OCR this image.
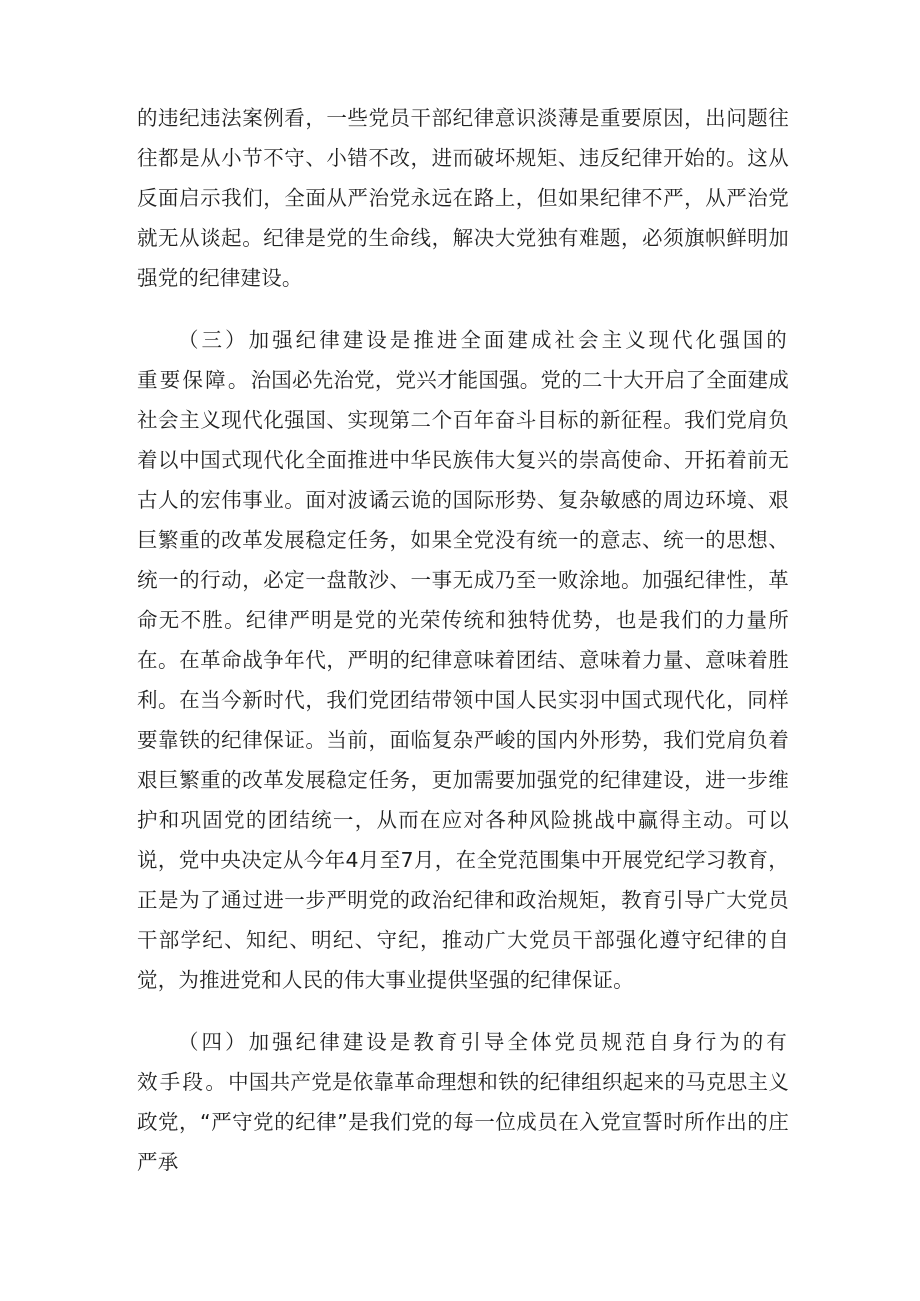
的违纪违法案例看，一些党员干部纪律意识淡薄是重要原因，出问题往往都是从小节不守、小错不改，进而破坏规矩、违反纪律开始的。这从反面启示我们，全面从严治党永远在路上，但如果纪律不严，从严治党就无从谈起。纪律是党的生命线，解决大党独有难题，必须旗帜鲜明加强党的纪律建设。

（三）加强纪律建设是推进全面建成社会主义现代化强国的重要保障。治国必先治党，党兴才能国强。党的二十大开启了全面建成社会主义现代化强国、实现第二个百年奋斗目标的新征程。我们党肩负着以中国式现代化全面推进中华民族伟大复兴的崇高使命、开拓着前无古人的宏伟事业。面对波谲云诡的国际形势、复杂敏感的周边环境、艰巨繁重的改革发展稳定任务，如果全党没有统一的意志、统一的思想、统一的行动，必定一盘散沙、一事无成乃至一败涂地。加强纪律性，革命无不胜。纪律严明是党的光荣传统和独特优势，也是我们的力量所在。在革命战争年代，严明的纪律意味着团结、意味着力量、意味着胜利。在当今新时代，我们党团结带领中国人民实羽中国式现代化，同样要靠铁的纪律保证。当前，面临复杂严峻的国内外形势，我们党肩负着艰巨繁重的改革发展稳定任务，更加需要加强党的纪律建设，进一步维护和巩固党的团结统一，从而在应对各种风险挑战中赢得主动。可以说，党中央决定从今年4月至7月，在全党范围集中开展党纪学习教育，正是为了通过进一步严明党的政治纪律和政治规矩，教育引导广大党员干部学纪、知纪、明纪、守纪，推动广大党员干部强化遵守纪律的自觉，为推进党和人民的伟大事业提供坚强的纪律保证。

（四）加强纪律建设是教育引导全体党员规范自身行为的有效手段。中国共产党是依靠革命理想和铁的纪律组织起来的马克思主义政党，“严守党的纪律”是我们党的每一位成员在入党宣誓时所作出的庄严承
